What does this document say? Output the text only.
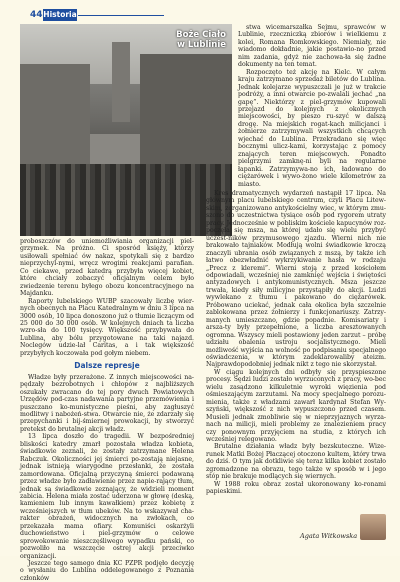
44 Historia
Boże Ciało
w Lublinie

stwa wicemarszałka Sejmu, sprawców w Lublinie, rzeczniczką zbiorów i wielkiemu z kolei, Romana Romkowskiego. Niemiały, nie wiadomo dokładnie, jakie postawio-no przed nim zadania, gdyż nie zachowa-ła się żadne dokumenty na ten temat.

Rozpoczęto też akcję na Kielc. W całym kraju zatrzymano sprzedaż biletów do Lublina. Jednak kolejarze wypuszczali je już w trakcie podróży, a inni otwarcie po-zwalali jechać „na gapę”. Niektórzy z piel-grzymów kupowali przejazd do kolejnych z okolicznych miejscowości, by pieszo ru-szyć w dalszą drogę. Na miejskich rogat-kach milicjanci i żołnierze zatrzymywali wszystkich chcących wjechać do Lublina. Przekradano się więc bocznymi ulicz-kami, korzystając z pomocy znających teren miejscowych. Ponadto pielgrzymi zamknę-ni byli na regularne łapanki. Zatrzymywa-no ich, ładowano do ciężarówek i wywo-żono wiele kilometrów za miasto.

proboszczów do uniemożliwiania organizacji piel-grzymek. Na próżno. Ci sposród księży, którzy usiłowali spełniać ów nakaz, spotykali się z bardzo nieprzychyl-nymi, wręcz wrogimi reakcjami parafian. Co ciekawe, przed katedrą przybyła więcej kobiet, które chciały zobaczyć oficjalnym celem było zwiedzenie terenu byłego obozu koncentracyjnego na Majdanku.

Raporty lubelskiego WUBP szacowały liczbę wier-nych obecnych na Placu Katedralnym w dniu 3 lipca na 3000 osób, 10 lipca donoszono już o tłumie liczącym od 25 000 do 30 000 osób. W kolejnych dniach ta liczba wzro-sła do 100 tysięcy. Większość przybywała do Lublina, aby bólu przygotowane na taki najazd. Noclegów udzie-lał Caritas, a i tak większość przybyłych koczowała pod gołym niebem.

Dalsze represje

Władze były przerażone. Z innych miejscowości na-pędzały bezrobotnych i chłopów z najbliższych oszukały zwracano do tej pory dwuch Powiatowych Urzędów pod-czas nadawania partyjne przemówienia i puszczano ko-munistyczne pieśni, aby zagłuszyć modlitwy i nabożeń-stwa. Otwarcie nie, że zdarzały się przepychanki i bij-śmiernej prowokacji, by stworzyć pretekst do brutalnej akcji władz.

13 lipca doszło do tragedii. W bezpośredniej bliskości katedry zmarł pozostała władza kobieta, świadkowie zeznali, że zostały zatrzymane Helena Rabczuk. Okoliczności jej śmierci po-zostają niejasne, jednak istnieją wiarygodne przesłanki, że została zamordowana. Oficjalną przyczyną śmierci podawaną przez władze było zadławienie przez napie-rający tłum, jednak są świadkowie zeznający, że widzieli moment zabicia. Helena miała zostać uderzona w głowę (deską, kamieniem lub innym kawałkiem) przez kobietę z wcześniejszych w tłum ubeków. Na to wskazywał cha-rakter obrażeń, widocznych na zwłokach, co przekazała mama ofiary. Komuniści oskarżyli duchowieństwo i piel-grzymów o celowe sprowokowanie nieszczęśliwego wypadku pański, co pozwoliło na wszczęcie ostrej akcji przeciwko organizacji.

Jeszcze tego samego dnia KC PZPR podjęło decyzję o wysłaniu do Lublina oddelegowanego z Poznania członków

Kres dramatycznych wydarzeń nastąpił 17 lipca. Na głównym placu lubelskiego centrum, czyli Placu Litew-skim, zorganizowano antykościelny wiec, w którym zmu-szono do uczestnictwa tysiące osób pod rygorem utraty pracy. Jednocześnie w pobliskim kościele kapucynów roz-poczęła się msza, na której udało się wielu przybyć uczest-ników przymusowego zjazdu. Wierni nich nie brakowało tajniaków. Modłują wolni świadkowie kroczą znaczyli ubrania osób związanych z mszą, by także ich łatwo obezwładnić wykrzykiwanie hasła w rodzaju „Precz z kleremi”. Wierni stoją z przed kościołem odpowiadali, wcześniej nie zamknięć wejścia i świętości antyzadowych i antykomunistycznych. Msza jeszcze trwała, kiedy siły milicyjne przystąpiły do akcji. Ludzi wywlekano z tłumu i pakowano do ciężarówek. Próbowano uciekać, jednak cała okolica była szczelnie zablokowana przez żołnierzy i funkcjonariuszy. Zatrzy-manych umieszczano, gdzie popadnie. Komisariaty i arsza-ty były przepełnione, a liczba aresztowanych ogromna. Wszyscy mieli postawiony jeden zarzut – próbę udziału obalenia ustroju socjalistycznego. Mieli możliwość wyjścia na wolność po podpisaniu specjalnego oświadczenia, w którym zadeklarowaliby ateizm. Najprawdopodobniej jednak nikt z tego nie skorzystał.

W ciągu kolejnych dni odbyły się przyspieszone procesy. Sędzi ludzi zostało wyrzuconych z pracy, wo-bec wielu zasądzono kilkuletnie wyroki więzienia pod ośmieszającym zarzutami. Na mocy specjalnego porozu-mienia, także z władzami zawarł kardynał Stefan Wy-szyński, większość z nich wypuszczono przed czasem. Musieli jednak zmobliwie się w nieprzyjaznych wyrza-nach na milicji, mieli problemy ze znalezieniem pracy czy ponownym przyjęciem na studia, z których ich wcześniej relegowano.

Brutalne działania władz były bezskuteczne. Wize-runek Matki Bożej Płaczącej otoczono kultem, który trwa do dziś. O tym jak dotkliwie się teraz kilka kobiet zostało zgromadzone na obrazu, tego także w sposób w i jego stóp nie brakuje modlących się wiernych.

W 1988 roku obraz został ukoronowany ko-ronami papieskimi.

Agata Witkowska
